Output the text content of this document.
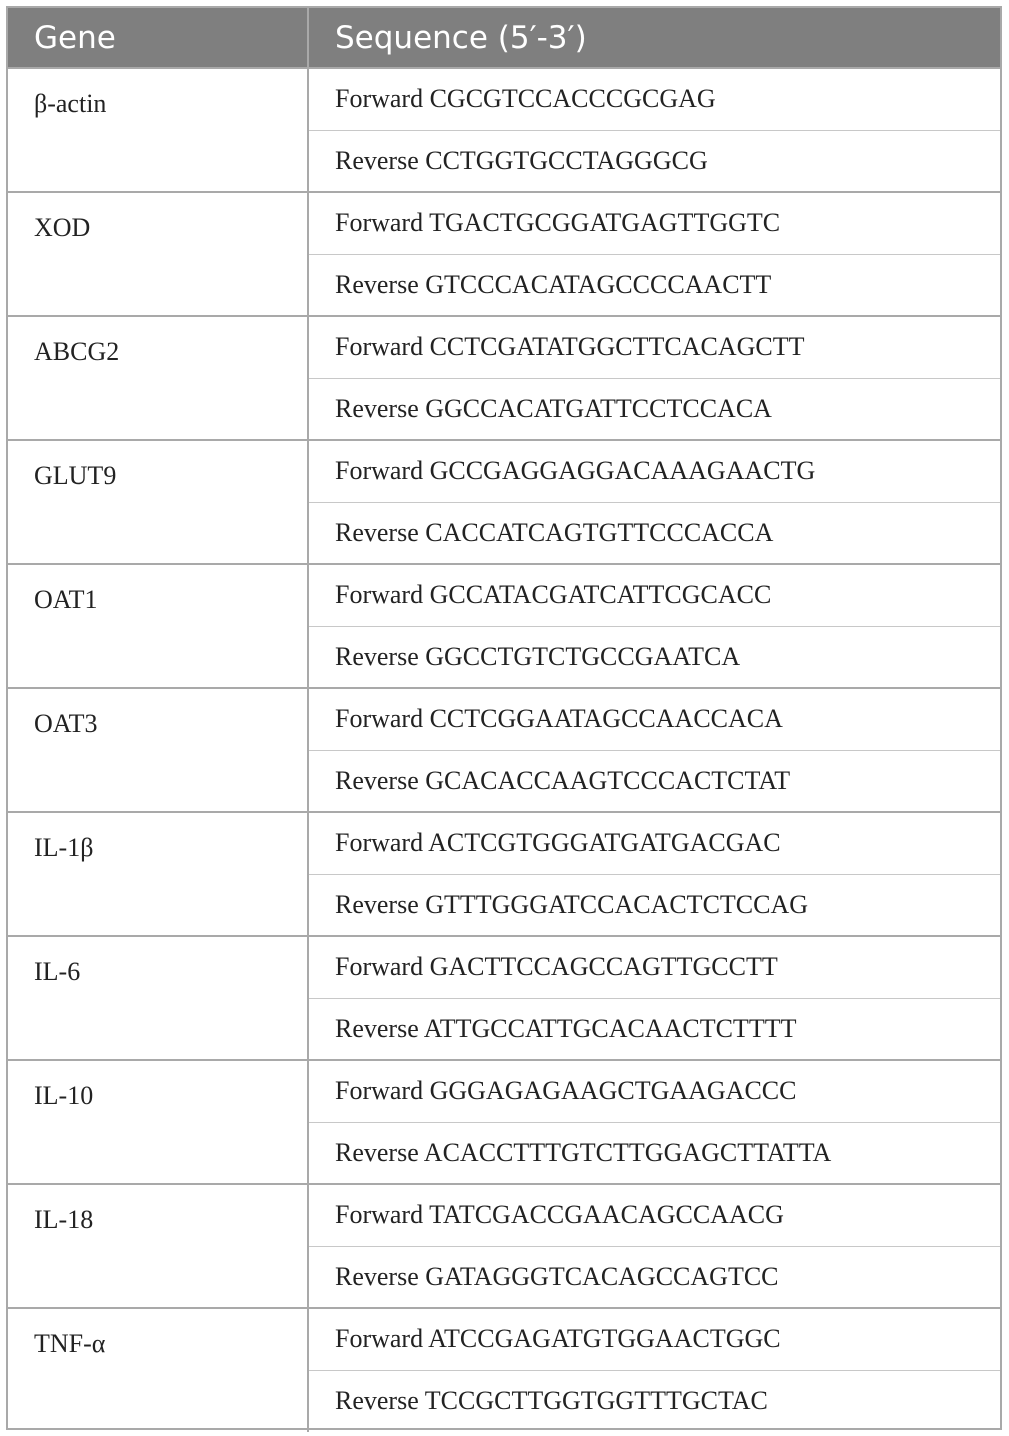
Gene	Sequence (5′-3′)
β-actin	Forward CGCGTCCACCCGCGAG
	Reverse CCTGGTGCCTAGGGCG
XOD	Forward TGACTGCGGATGAGTTGGTC
	Reverse GTCCCACATAGCCCCAACTT
ABCG2	Forward CCTCGATATGGCTTCACAGCTT
	Reverse GGCCACATGATTCCTCCACA
GLUT9	Forward GCCGAGGAGGACAAAGAACTG
	Reverse CACCATCAGTGTTCCCACCA
OAT1	Forward GCCATACGATCATTCGCACC
	Reverse GGCCTGTCTGCCGAATCA
OAT3	Forward CCTCGGAATAGCCAACCACA
	Reverse GCACACCAAGTCCCACTCTAT
IL-1β	Forward ACTCGTGGGATGATGACGAC
	Reverse GTTTGGGATCCACACTCTCCAG
IL-6	Forward GACTTCCAGCCAGTTGCCTT
	Reverse ATTGCCATTGCACAACTCTTTT
IL-10	Forward GGGAGAGAAGCTGAAGACCC
	Reverse ACACCTTTGTCTTGGAGCTTATTA
IL-18	Forward TATCGACCGAACAGCCAACG
	Reverse GATAGGGTCACAGCCAGTCC
TNF-α	Forward ATCCGAGATGTGGAACTGGC
	Reverse TCCGCTTGGTGGTTTGCTAC
